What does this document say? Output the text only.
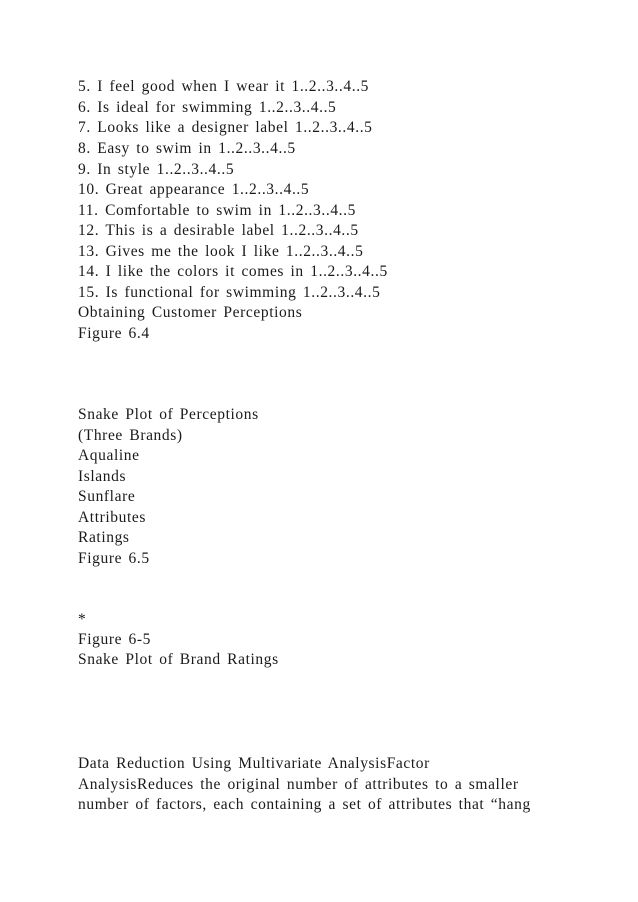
5. I feel good when I wear it 1..2..3..4..5
6. Is ideal for swimming 1..2..3..4..5
7. Looks like a designer label 1..2..3..4..5
8. Easy to swim in 1..2..3..4..5
9. In style 1..2..3..4..5
10. Great appearance 1..2..3..4..5
11. Comfortable to swim in 1..2..3..4..5
12. This is a desirable label 1..2..3..4..5
13. Gives me the look I like 1..2..3..4..5
14. I like the colors it comes in 1..2..3..4..5
15. Is functional for swimming 1..2..3..4..5
Obtaining Customer Perceptions
Figure 6.4
Snake Plot of Perceptions
(Three Brands)
Aqualine
Islands
Sunflare
Attributes
Ratings
Figure 6.5
*
Figure 6-5
Snake Plot of Brand Ratings
Data Reduction Using Multivariate AnalysisFactor
AnalysisReduces the original number of attributes to a smaller
number of factors, each containing a set of attributes that “hang
